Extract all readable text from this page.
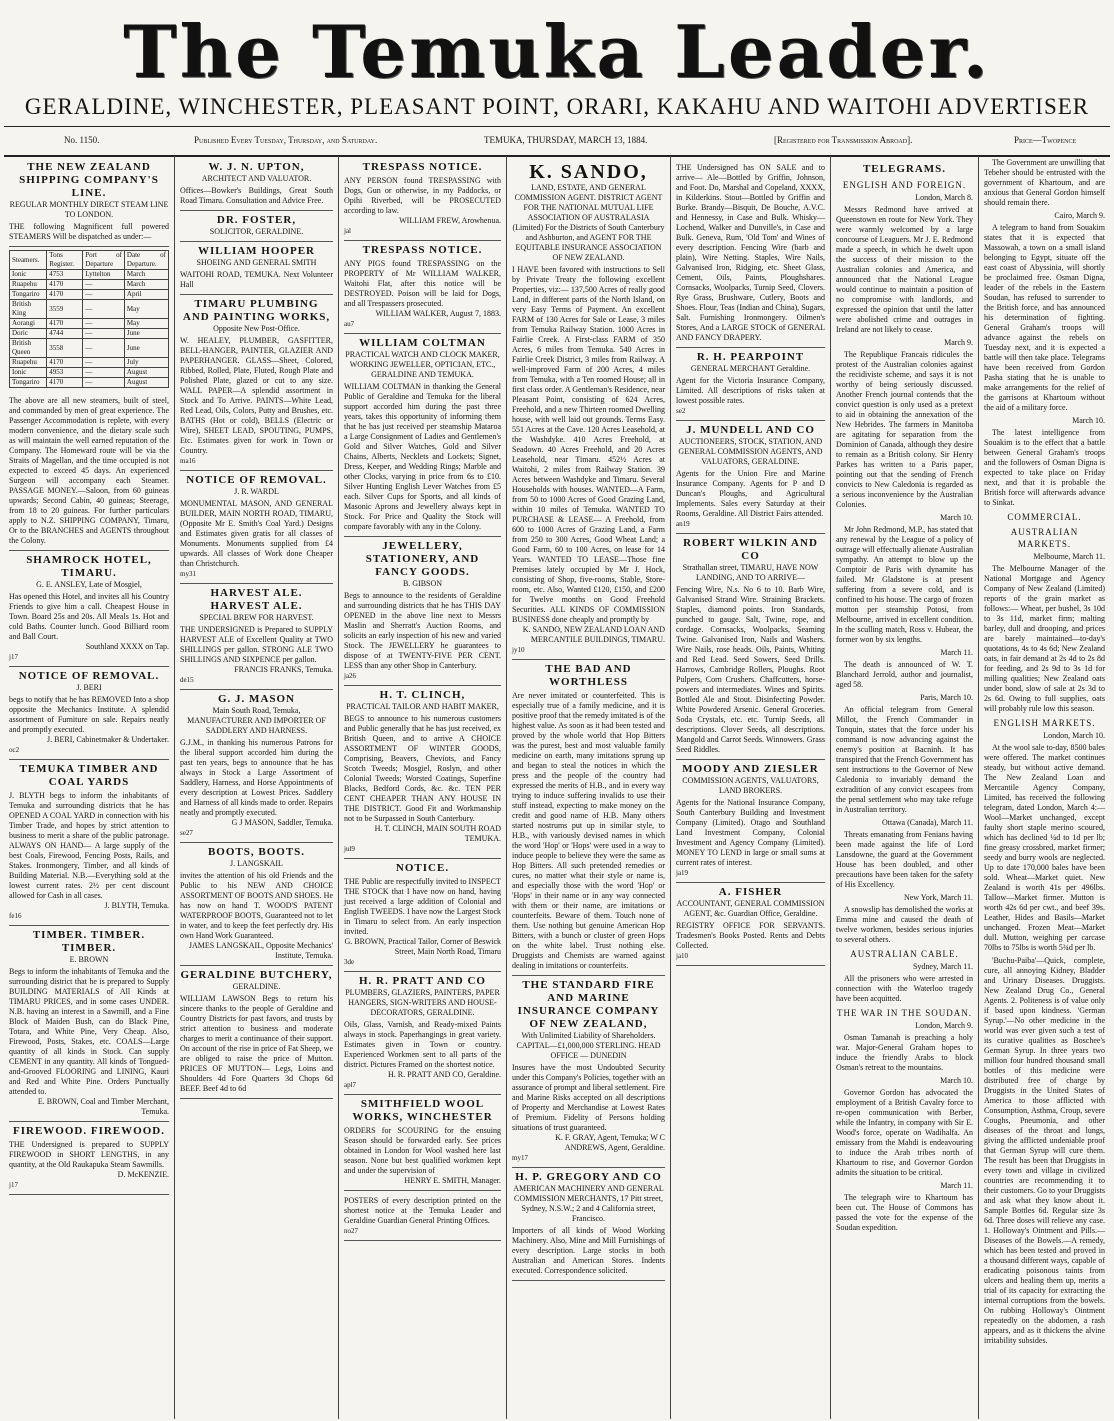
The Temuka Leader.
GERALDINE, WINCHESTER, PLEASANT POINT, ORARI, KAKAHU AND WAITOHI ADVERTISER
No. 1150.	Published Every Tuesday, Thursday, and Saturday.	TEMUKA, THURSDAY, MARCH 13, 1884.	[Registered for Transmission Abroad].	Price—Twopence
THE NEW ZEALAND SHIPPING COMPANY'S LINE.
REGULAR MONTHLY DIRECT STEAM LINE TO LONDON.
THE following Magnificent full powered STEAMERS Will be dispatched as under:—
Steamers.	Tons Register.	Port of Departure	Date of Departure.
Ionic	4753	Lyttelton	March
Ruapehu	4170	—	March
Tongariro	4170	—	April
British King	3559	—	May
Aorangi	4170	—	May
Doric	4744	—	June
British Queen	3558	—	June
Ruapehu	4170	—	July
Ionic	4953	—	August
Tongariro	4170	—	August
The above are all new steamers, built of steel, and commanded by men of great experience. The Passenger Accommodation is replete, with every modern convenience, and the dietary scale such as will maintain the well earned reputation of the Company. The Homeward route will be via the Straits of Magellan, and the time occupied is not expected to exceed 45 days. An experienced Surgeon will accompany each Steamer. PASSAGE MONEY.—Saloon, from 60 guineas upwards; Second Cabin, 40 guineas; Steerage, from 18 to 20 guineas. For further particulars apply to N.Z. SHIPPING COMPANY, Timaru, Or to the BRANCHES and AGENTS throughout the Colony.
SHAMROCK HOTEL, TIMARU.
G. E. ANSLEY, Late of Mosgiel,
Has opened this Hotel, and invites all his Country Friends to give him a call. Cheapest House in Town. Board 25s and 20s. All Meals 1s. Hot and cold Baths. Counter lunch. Good Billiard room and Ball Court.
Southland XXXX on Tap.
j17
NOTICE OF REMOVAL.
J. BERI
begs to notify that he has REMOVED Into a shop opposite the Mechanics Institute. A splendid assortment of Furniture on sale. Repairs neatly and promptly executed.
J. BERI, Cabinetmaker & Undertaker.
oc2
TEMUKA TIMBER AND COAL YARDS
J. BLYTH begs to inform the inhabitants of Temuka and surrounding districts that he has OPENED A COAL YARD in connection with his Timber Trade, and hopes by strict attention to business to merit a share of the public patronage. ALWAYS ON HAND— A large supply of the best Coals, Firewood, Fencing Posts, Rails, and Stakes. Ironmongery, Timber, and all kinds of Building Material. N.B.—Everything sold at the lowest current rates. 2½ per cent discount allowed for Cash in all cases.
J. BLYTH, Temuka.
fe16
TIMBER. TIMBER. TIMBER.
E. BROWN
Begs to inform the inhabitants of Temuka and the surrounding district that he is prepared to Supply BUILDING MATERIALS of All Kinds at TIMARU PRICES, and in some cases UNDER. N.B. having an interest in a Sawmill, and a Fine Block of Maiden Bush, can do Black Pine, Totara, and White Pine, Very Cheap. Also, Firewood, Posts, Stakes, etc. COALS—Large quantity of all kinds in Stock. Can supply CEMENT in any quantity. All kinds of Tongued-and-Grooved FLOORING and LINING, Kauri and Red and White Pine. Orders Punctually attended to.
E. BROWN, Coal and Timber Merchant, Temuka.
FIREWOOD. FIREWOOD.
THE Undersigned is prepared to SUPPLY FIREWOOD in SHORT LENGTHS, in any quantity, at the Old Raukapuka Steam Sawmills.
D. McKENZIE.
j17
W. J. N. UPTON,
ARCHITECT AND VALUATOR.
Offices—Bowker's Buildings, Great South Road Timaru. Consultation and Advice Free.
DR. FOSTER,
SOLICITOR, GERALDINE.
WILLIAM HOOPER
SHOEING AND GENERAL SMITH
WAITOHI ROAD, TEMUKA. Next Volunteer Hall
TIMARU PLUMBING AND PAINTING WORKS,
Opposite New Post-Office.
W. HEALEY, PLUMBER, GASFITTER, BELL-HANGER, PAINTER, GLAZIER AND PAPERHANGER. GLASS—Sheet, Colored, Ribbed, Rolled, Plate, Fluted, Rough Plate and Polished Plate, glazed or cut to any size. WALL PAPER—A splendid assortment in Stock and To Arrive. PAINTS—White Lead, Red Lead, Oils, Colors, Putty and Brushes, etc. BATHS (Hot or cold), BELLS (Electric or Wire), SHEET LEAD, SPOUTING, PUMPS, Etc. Estimates given for work in Town or Country.
ma16
NOTICE OF REMOVAL.
J. R. WARDL
MONUMENTAL MASON, AND GENERAL BUILDER, MAIN NORTH ROAD, TIMARU, (Opposite Mr E. Smith's Coal Yard.) Designs and Estimates given gratis for all classes of Monuments. Monuments supplied from £4 upwards. All classes of Work done Cheaper than Christchurch.
my31
HARVEST ALE. HARVEST ALE.
SPECIAL BREW FOR HARVEST.
THE UNDERSIGNED is Prepared to SUPPLY HARVEST ALE of Excellent Quality at TWO SHILLINGS per gallon. STRONG ALE TWO SHILLINGS AND SIXPENCE per gallon.
FRANCIS FRANKS, Temuka.
de15
G. J. MASON
Main South Road, Temuka, MANUFACTURER AND IMPORTER OF SADDLERY AND HARNESS.
G.J.M., in thanking his numerous Patrons for the liberal support accorded him during the past ten years, begs to announce that he has always in Stock a Large Assortment of Saddlery, Harness, and Horse Appointments of every description at Lowest Prices. Saddlery and Harness of all kinds made to order. Repairs neatly and promptly executed.
G J MASON, Saddler, Temuka.
se27
BOOTS, BOOTS.
J. LANGSKAIL
invites the attention of his old Friends and the Public to his NEW AND CHOICE ASSORTMENT OF BOOTS AND SHOES. He has now on hand T. WOOD'S PATENT WATERPROOF BOOTS, Guaranteed not to let in water, and to keep the feet perfectly dry. His own Hand Work Guaranteed.
JAMES LANGSKAIL, Opposite Mechanics' Institute, Temuka.
GERALDINE BUTCHERY,
GERALDINE.
WILLIAM LAWSON Begs to return his sincere thanks to the people of Geraldine and Country Districts for past favors, and trusts by strict attention to business and moderate charges to merit a continuance of their support. On account of the rise in price of Fat Sheep, we are obliged to raise the price of Mutton. PRICES OF MUTTON— Legs, Loins and Shoulders 4d Fore Quarters 3d Chops 6d BEEF. Beef 4d to 6d
TRESPASS NOTICE.
ANY PERSON found TRESPASSING with Dogs, Gun or otherwise, in my Paddocks, or Opihi Riverbed, will be PROSECUTED according to law.
WILLIAM FREW, Arowhenua.
jal
TRESPASS NOTICE.
ANY PIGS found TRESPASSING on the PROPERTY of Mr WILLIAM WALKER, Waitohi Flat, after this notice will be DESTROYED. Poison will be laid for Dogs, and all Trespassers prosecuted.
WILLIAM WALKER, August 7, 1883.
au7
WILLIAM COLTMAN
PRACTICAL WATCH AND CLOCK MAKER, WORKING JEWELLER, OPTICIAN, ETC., GERALDINE AND TEMUKA.
WILLIAM COLTMAN in thanking the General Public of Geraldine and Temuka for the liberal support accorded him during the past three years, takes this opportunity of informing them that he has just received per steamship Mataroa a Large Consignment of Ladies and Gentlemen's Gold and Silver Watches, Gold and Silver Chains, Alberts, Necklets and Lockets; Signet, Dress, Keeper, and Wedding Rings; Marble and other Clocks, varying in price from 6s to £10. Silver Hunting English Lever Watches from £5 each. Silver Cups for Sports, and all kinds of Masonic Aprons and Jewellery always kept in Stock. For Price and Quality the Stock will compare favorably with any in the Colony.
JEWELLERY, STATIONERY, AND FANCY GOODS.
B. GIBSON
Begs to announce to the residents of Geraldine and surrounding districts that he has THIS DAY OPENED in the above line next to Messrs Maslin and Sherratt's Auction Rooms, and solicits an early inspection of his new and varied Stock. The JEWELLERY he guarantees to dispose of at TWENTY-FIVE PER CENT. LESS than any other Shop in Canterbury.
ja26
H. T. CLINCH,
PRACTICAL TAILOR AND HABIT MAKER,
BEGS to announce to his numerous customers and Public generally that he has just received, ex British Queen, and to arrive A CHOICE ASSORTMENT OF WINTER GOODS, Comprising, Beavers, Cheviots, and Fancy Scotch Tweeds; Mosgiel, Roslyn, and other Colonial Tweeds; Worsted Coatings, Superfine Blacks, Bedford Cords, &c. &c. TEN PER CENT CHEAPER THAN ANY HOUSE IN THE DISTRICT. Good Fit and Workmanship not to be Surpassed in South Canterbury.
H. T. CLINCH, MAIN SOUTH ROAD TEMUKA.
jul9
NOTICE.
THE Public are respectfully invited to INSPECT THE STOCK that I have now on hand, having just received a large addition of Colonial and English TWEEDS. I have now the Largest Stock in Timaru to select from. An early inspection invited.
G. BROWN, Practical Tailor, Corner of Beswick Street, Main North Road, Timaru
3de
H. R. PRATT AND CO
PLUMBERS, GLAZIERS, PAINTERS, PAPER HANGERS, SIGN-WRITERS AND HOUSE-DECORATORS, GERALDINE.
Oils, Glass, Varnish, and Ready-mixed Paints always in stock. Paperhangings in great variety. Estimates given in Town or country. Experienced Workmen sent to all parts of the district. Pictures Framed on the shortest notice.
H. R. PRATT AND CO, Geraldine.
apl7
SMITHFIELD WOOL WORKS, WINCHESTER
ORDERS for SCOURING for the ensuing Season should be forwarded early. See prices obtained in London for Wool washed here last season. None but best qualified workmen kept and under the supervision of
HENRY E. SMITH, Manager.
POSTERS of every description printed on the shortest notice at the Temuka Leader and Geraldine Guardian General Printing Offices.
no27
K. SANDO,
LAND, ESTATE, AND GENERAL COMMISSION AGENT. DISTRICT AGENT FOR THE NATIONAL MUTUAL LIFE ASSOCIATION OF AUSTRALASIA (Limited) For the Districts of South Canterbury and Ashburton, and AGENT FOR THE EQUITABLE INSURANCE ASSOCIATION OF NEW ZEALAND.
I HAVE been favored with instructions to Sell by Private Treaty the following excellent Properties, viz:— 137,500 Acres of really good Land, in different parts of the North Island, on very Easy Terms of Payment. An excellent FARM of 130 Acres for Sale or Lease, 3 miles from Temuka Railway Station. 1000 Acres in Fairlie Creek. A First-class FARM of 350 Acres, 6 miles from Temuka. 540 Acres in Fairlie Creek District, 3 miles from Railway. A well-improved Farm of 200 Acres, 4 miles from Temuka, with a Ten roomed House; all in first class order. A Gentleman's Residence, near Pleasant Point, consisting of 624 Acres, Freehold, and a new Thirteen roomed Dwelling house, with well laid out grounds. Terms Easy. 551 Acres at the Cave. 120 Acres Leasehold, at the Washdyke. 410 Acres Freehold, at Seadown. 40 Acres Freehold, and 20 Acres Leasehold, near Timaru. 452½ Acres at Waitohi, 2 miles from Railway Station. 39 Acres between Washdyke and Timaru. Several Households with houses. WANTED—A Farm, from 50 to 1000 Acres of Good Grazing Land, within 10 miles of Temuka. WANTED TO PURCHASE & LEASE— A Freehold, from 600 to 1000 Acres of Grazing Land, a Farm from 250 to 300 Acres, Good Wheat Land; a Good Farm, 60 to 100 Acres, on lease for 14 Years. WANTED TO LEASE—Those fine Premises lately occupied by Mr J. Hock, consisting of Shop, five-rooms, Stable, Store-room, etc. Also, Wanted £120, £150, and £200 for Twelve months on Good Freehold Securities. ALL KINDS OF COMMISSION BUSINESS done cheaply and promptly by
K. SANDO, NEW ZEALAND LOAN AND MERCANTILE BUILDINGS, TIMARU.
jy10
THE BAD AND WORTHLESS
Are never imitated or counterfeited. This is especially true of a family medicine, and it is positive proof that the remedy imitated is of the highest value. As soon as it had been tested and proved by the whole world that Hop Bitters was the purest, best and most valuable family medicine on earth, many imitations sprung up and began to steal the notices in which the press and the people of the country had expressed the merits of H.B., and in every way trying to induce suffering invalids to use their stuff instead, expecting to make money on the credit and good name of H.B. Many others started nostrums put up in similar style, to H.B., with variously devised names in which the word 'Hop' or 'Hops' were used in a way to induce people to believe they were the same as Hop Bitters. All such pretended remedies or cures, no matter what their style or name is, and especially those with the word 'Hop' or 'Hops' in their name or in any way connected with them or their name, are imitations or counterfeits. Beware of them. Touch none of them. Use nothing but genuine American Hop Bitters, with a bunch or cluster of green Hops on the white label. Trust nothing else. Druggists and Chemists are warned against dealing in imitations or counterfeits.
THE STANDARD FIRE AND MARINE INSURANCE COMPANY OF NEW ZEALAND,
With Unlimited Liability of Shareholders. CAPITAL—£1,000,000 STERLING. HEAD OFFICE — DUNEDIN
Insures have the most Undoubted Security under this Company's Policies, together with an assurance of prompt and liberal settlement. Fire and Marine Risks accepted on all descriptions of Property and Merchandise at Lowest Rates of Premium. Fidelity of Persons holding situations of trust guaranteed.
K. F. GRAY, Agent, Temuka; W C ANDREWS, Agent, Geraldine.
my17
H. P. GREGORY AND CO
AMERICAN MACHINERY AND GENERAL COMMISSION MERCHANTS, 17 Pitt street, Sydney, N.S.W.; 2 and 4 California street, Francisco.
Importers of all kinds of Wood Working Machinery. Also, Mine and Mill Furnishings of every description. Large stocks in both Australian and American Stores. Indents executed. Correspondence solicited.
THE Undersigned has ON SALE and to arrive— Ale—Bottled by Griffin, Johnson, and Foot. Do, Marshal and Copeland, XXXX, in Kilderkins. Stout—Bottled by Griffin and Burke. Brandy—Bisquit, De Bouche, A.V.C. and Hennessy, in Case and Bulk. Whisky—Lochend, Walker and Dunville's, in Case and Bulk. Geneva, Rum, 'Old Tom' and Wines of every description. Fencing Wire (barb and plain), Wire Netting. Staples, Wire Nails, Galvanised Iron, Ridging, etc. Sheet Glass, Cement, Oils, Paints, Ploughshares. Cornsacks, Woolpacks, Turnip Seed, Clovers. Rye Grass, Brushware, Cutlery, Boots and Shoes. Flour, Teas (Indian and China), Sugars, Salt. Furnishing Ironmongery. Oilmen's Stores, And a LARGE STOCK of GENERAL AND FANCY DRAPERY.
R. H. PEARPOINT
GENERAL MERCHANT Geraldine.
Agent for the Victoria Insurance Company, Limited. All descriptions of risks taken at lowest possible rates.
se2
J. MUNDELL AND CO
AUCTIONEERS, STOCK, STATION, AND GENERAL COMMISSION AGENTS, AND VALUATORS, GERALDINE.
Agents for the Union Fire and Marine Insurance Company. Agents for P and D Duncan's Ploughs, and Agricultural Implements. Sales every Saturday at their Rooms, Geraldine. All District Fairs attended.
an19
ROBERT WILKIN AND CO
Strathallan street, TIMARU, HAVE NOW LANDING, AND TO ARRIVE—
Fencing Wire, N.s. No 6 to 10. Barb Wire, Galvanised Strand Wire. Straining Brackets. Staples, diamond points. Iron Standards, punched to gauge. Salt, Twine, rope, and cordage. Cornsacks, Woolpacks, Seaming Twine. Galvanised Iron, Nails and Washers. Wire Nails, rose heads. Oils, Paints, Whiting and Red Lead. Seed Sowers, Seed Drills. Harrows, Cambridge Rollers, Ploughs. Root Pulpers, Corn Crushers. Chaffcutters, horse-powers and intermediates. Wines and Spirits. Bottled Ale and Stout. Disinfecting Powder. White Powdered Arsenic. General Groceries. Soda Crystals, etc. etc. Turnip Seeds, all descriptions. Clover Seeds, all descriptions. Mangold and Carrot Seeds. Winnowers. Grass Seed Riddles.
MOODY AND ZIESLER
COMMISSION AGENTS, VALUATORS, LAND BROKERS.
Agents for the National Insurance Company, South Canterbury Building and Investment Company (Limited). Otago and Southland Land Investment Company, Colonial Investment and Agency Company (Limited). MONEY TO LEND in large or small sums at current rates of interest.
ja19
A. FISHER
ACCOUNTANT, GENERAL COMMISSION AGENT, &c. Guardian Office, Geraldine.
REGISTRY OFFICE FOR SERVANTS. Tradesmen's Books Posted. Rents and Debts Collected.
ja10
TELEGRAMS.
ENGLISH AND FOREIGN.
London, March 8.

Messrs Redmond have arrived at Queenstown en route for New York. They were warmly welcomed by a large concourse of Leaguers. Mr J. E. Redmond made a speech, in which he dwelt upon the success of their mission to the Australian colonies and America, and announced that the National League would continue to maintain a position of no compromise with landlords, and expressed the opinion that until the latter were abolished crime and outrages in Ireland are not likely to cease.

March 9.

The Republique Francais ridicules the protest of the Australian colonies against the recidiviste scheme, and says it is not worthy of being seriously discussed. Another French journal contends that the convict question is only used as a pretext to aid in obtaining the annexation of the New Hebrides. The farmers in Manitoba are agitating for separation from the Dominion of Canada, although they desire to remain as a British colony. Sir Henry Parkes has written to a Paris paper, pointing out that the sending of French convicts to New Caledonia is regarded as a serious inconvenience by the Australian Colonies.

March 10.

Mr John Redmond, M.P., has stated that any renewal by the League of a policy of outrage will effectually alienate Australian sympathy. An attempt to blow up the Comptoir de Paris with dynamite has failed. Mr Gladstone is at present suffering from a severe cold, and is confined to his house. The cargo of frozen mutton per steamship Potosi, from Melbourne, arrived in excellent condition. In the sculling match, Ross v. Hubear, the former won by six lengths.

March 11.

The death is announced of W. T. Blanchard Jerrold, author and journalist, aged 58.

Paris, March 10.

An official telegram from General Millot, the French Commander in Tonquin, states that the force under his command is now advancing against the enemy's position at Bacninh. It has transpired that the French Government has sent instructions to the Governor of New Caledonia to invariably demand the extradition of any convict escapees from the penal settlement who may take refuge in Australian territory.

Ottawa (Canada), March 11.

Threats emanating from Fenians having been made against the life of Lord Lansdowne, the guard at the Government House has been doubled, and other precautions have been taken for the safety of His Excellency.

New York, March 11.

A snowslip has demolished the works at Emma mine and caused the death of twelve workmen, besides serious injuries to several others.

AUSTRALIAN CABLE.
Sydney, March 11.

All the prisoners who were arrested in connection with the Waterloo tragedy have been acquitted.

THE WAR IN THE SOUDAN.
London, March 9.

Osman Tamanah is preaching a holy war. Major-General Graham hopes to induce the friendly Arabs to block Osman's retreat to the mountains.

March 10.

Governor Gordon has advocated the employment of a British Cavalry force to re-open communication with Berber, while the Infantry, in company with Sir E. Wood's force, operate on Wadihalfa. An emissary from the Mahdi is endeavouring to induce the Arab tribes north of Khartoum to rise, and Governor Gordon admits the situation to be critical.

March 11.

The telegraph wire to Khartoum has been cut. The House of Commons has passed the vote for the expense of the Soudan expedition.

The Government are unwilling that Tebeher should be entrusted with the government of Khartoum, and are anxious that General Gordon himself should remain there.

Cairo, March 9.

A telegram to hand from Souakim states that it is expected that Massowah, a town on a small island belonging to Egypt, situate off the east coast of Abyssinia, will shortly be proclaimed free. Osman Digna, leader of the rebels in the Eastern Soudan, has refused to surrender to the British force, and has announced his determination of fighting. General Graham's troops will advance against the rebels on Tuesday next, and it is expected a battle will then take place. Telegrams have been received from Gordon Pasha stating that he is unable to make arrangements for the relief of the garrisons at Khartoum without the aid of a military force.

March 10.

The latest intelligence from Souakim is to the effect that a battle between General Graham's troops and the followers of Osman Digna is expected to take place on Friday next, and that it is probable the British force will afterwards advance to Sinkat.

COMMERCIAL.
AUSTRALIAN MARKETS.
Melbourne, March 11.

The Melbourne Manager of the National Mortgage and Agency Company of New Zealand (Limited) reports of the grain market as follows:— Wheat, per bushel, 3s 10d to 3s 11d, market firm; malting barley, dull and drooping, and prices are barely maintained—to-day's quotations, 4s to 4s 6d; New Zealand oats, in fair demand at 2s 4d to 2s 8d for feeding, and 2s 9d to 3s 1d for milling qualities; New Zealand oats under bond, slow of sale at 2s 3d to 2s 6d. Owing to full supplies, oats will probably rule low this season.

ENGLISH MARKETS.
London, March 10.

At the wool sale to-day, 8500 bales were offered. The market continues steady, but without active demand. The New Zealand Loan and Mercantile Agency Company, Limited, has received the following telegram, dated London, March 4:— Wool—Market unchanged, except faulty short staple merino scoured, which has declined ¼d to 1d per lb; fine greasy crossbred, market firmer; seedy and burry wools are neglected. Up to date 170,000 bales have been sold. Wheat—Market quiet. New Zealand is worth 41s per 496lbs. Tallow—Market firmer. Mutton is worth 42s 6d per cwt., and beef 39s. Leather, Hides and Basils—Market unchanged. Frozen Meat—Market dull. Mutton, weighing per carcase 70lbs to 75lbs is worth 5¾d per lb.

'Buchu-Paiba'—Quick, complete, cure, all annoying Kidney, Bladder and Urinary Diseases. Druggists. New Zealand Drug Co., General Agents. 2. Politeness is of value only if based upon kindness. 'German Syrup.'—No other medicine in the world was ever given such a test of its curative qualities as Boschee's German Syrup. In three years two million four hundred thousand small bottles of this medicine were distributed free of charge by Druggists in the United States of America to those afflicted with Consumption, Asthma, Croup, severe Coughs, Pneumonia, and other diseases of the throat and lungs, giving the afflicted undeniable proof that German Syrup will cure them. The result has been that Druggists in every town and village in civilized countries are recommending it to their customers. Go to your Druggists and ask what they know about it. Sample Bottles 6d. Regular size 3s 6d. Three doses will relieve any case. 1. Holloway's Ointment and Pills.—Diseases of the Bowels.—A remedy, which has been tested and proved in a thousand different ways, capable of eradicating poisonous taints from ulcers and healing them up, merits a trial of its capacity for extracting the internal corruptions from the bowels. On rubbing Holloway's Ointment repeatedly on the abdomen, a rash appears, and as it thickens the alvine irritability subsides.
